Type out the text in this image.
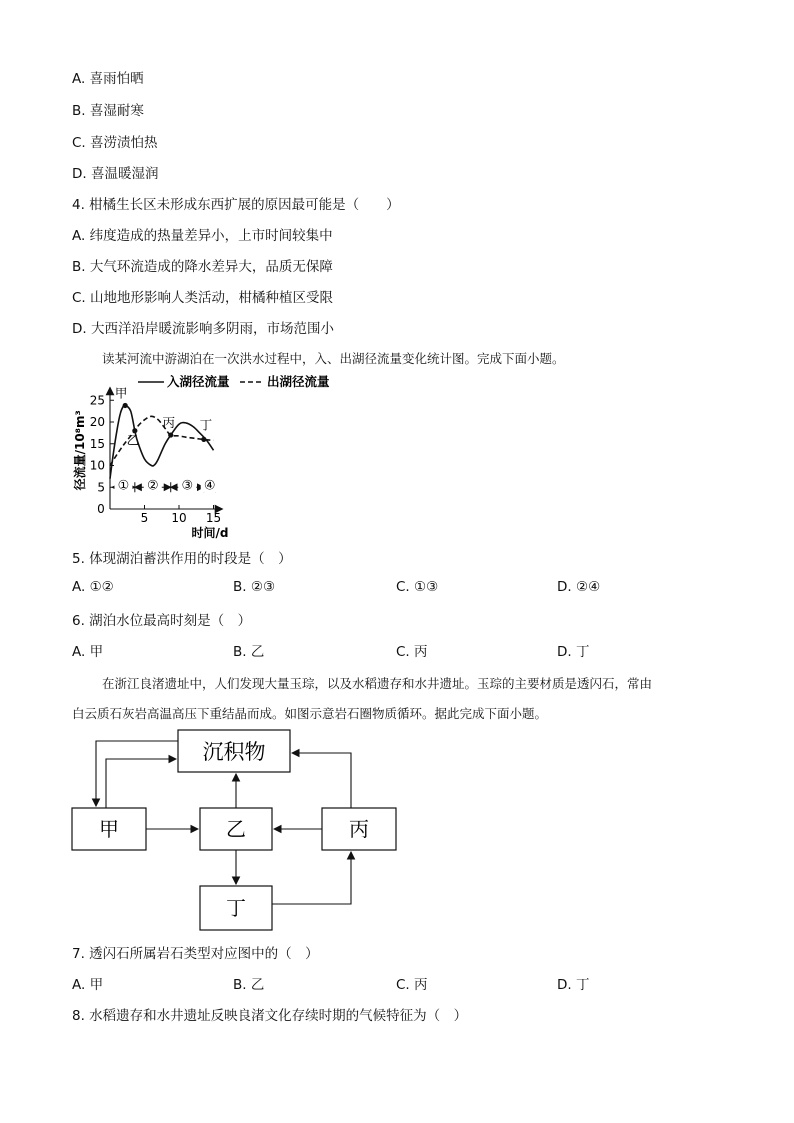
A. 喜雨怕晒
B. 喜湿耐寒
C. 喜涝渍怕热
D. 喜温暖湿润
4. 柑橘生长区未形成东西扩展的原因最可能是（　　）
A. 纬度造成的热量差异小，上市时间较集中
B. 大气环流造成的降水差异大，品质无保障
C. 山地地形影响人类活动，柑橘种植区受限
D. 大西洋沿岸暖流影响多阴雨，市场范围小
读某河流中游湖泊在一次洪水过程中，入、出湖径流量变化统计图。完成下面小题。
0
5 10 15
5
10
15
20
25
时间/d
径流量/10⁸m³ ① ② ③ ④
甲
乙
丙 丁
入湖径流量	出湖径流量
5. 体现湖泊蓄洪作用的时段是（　）
A. ①②	B. ②③	C. ①③	D. ②④
6. 湖泊水位最高时刻是（　）
A. 甲	B. 乙	C. 丙	D. 丁
在浙江良渚遗址中，人们发现大量玉琮，以及水稻遗存和水井遗址。玉琮的主要材质是透闪石，常由
白云质石灰岩高温高压下重结晶而成。如图示意岩石圈物质循环。据此完成下面小题。
沉积物
甲	乙	丙
丁
7. 透闪石所属岩石类型对应图中的（　）
A. 甲	B. 乙	C. 丙	D. 丁
8. 水稻遗存和水井遗址反映良渚文化存续时期的气候特征为（　）
